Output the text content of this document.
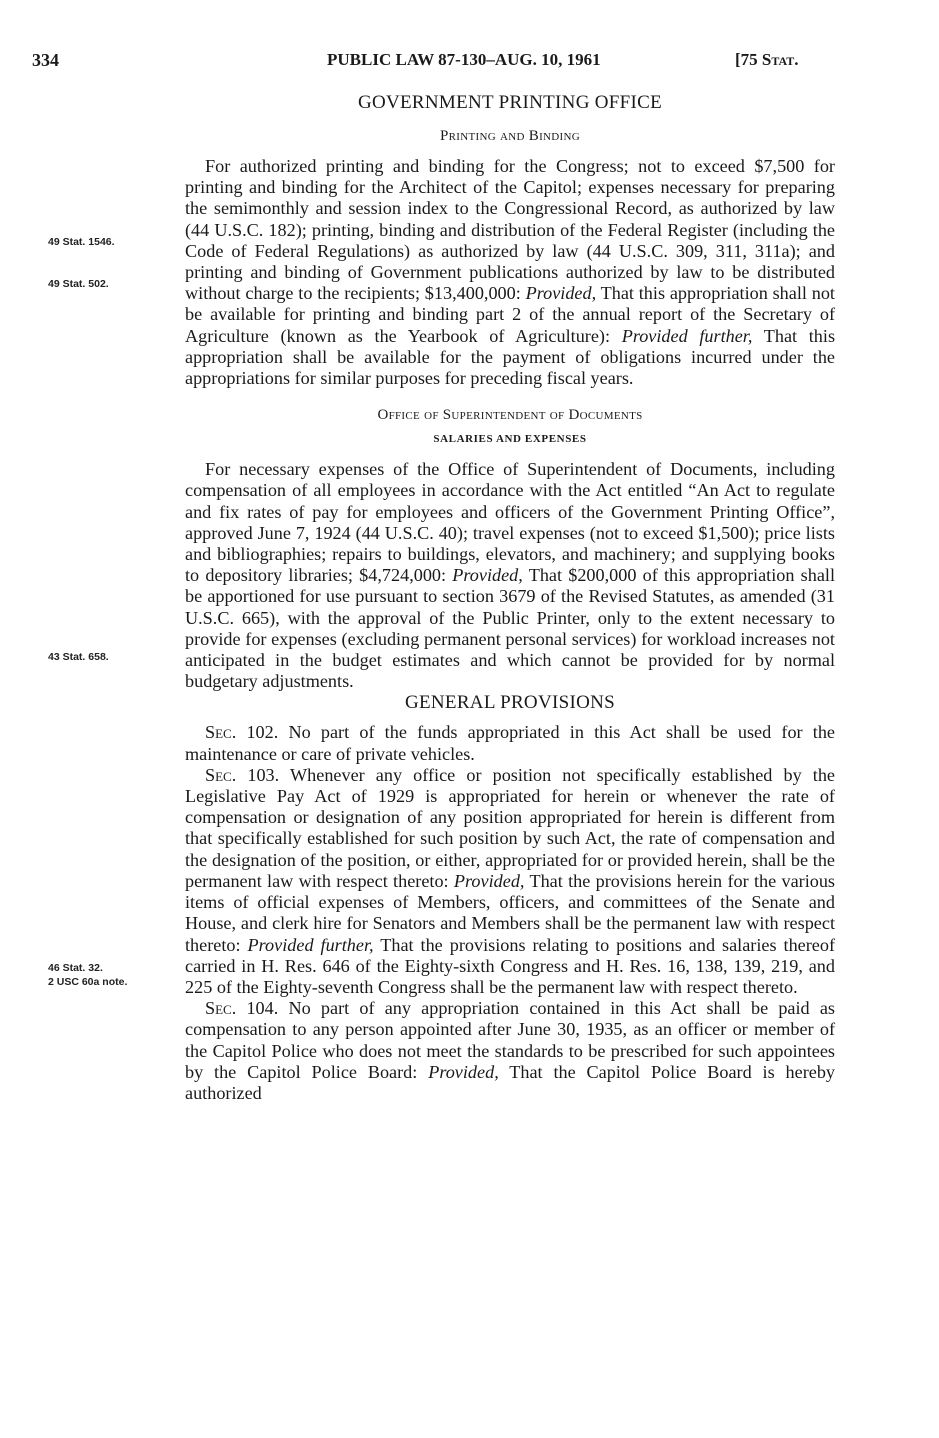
334	PUBLIC LAW 87-130–AUG. 10, 1961	[75 Stat.
49 Stat. 1546.
49 Stat. 502.
43 Stat. 658.
46 Stat. 32.
2 USC 60a note.
GOVERNMENT PRINTING OFFICE
Printing and Binding

For authorized printing and binding for the Congress; not to exceed $7,500 for printing and binding for the Architect of the Capitol; expenses necessary for preparing the semimonthly and session index to the Congressional Record, as authorized by law (44 U.S.C. 182); printing, binding and distribution of the Federal Register (including the Code of Federal Regulations) as authorized by law (44 U.S.C. 309, 311, 311a); and printing and binding of Government publications authorized by law to be distributed without charge to the recipients; $13,400,000: Provided, That this appropriation shall not be available for printing and binding part 2 of the annual report of the Secretary of Agriculture (known as the Yearbook of Agriculture): Provided further, That this appropriation shall be available for the payment of obligations incurred under the appropriations for similar purposes for preceding fiscal years.

Office of Superintendent of Documents
SALARIES AND EXPENSES

For necessary expenses of the Office of Superintendent of Documents, including compensation of all employees in accordance with the Act entitled “An Act to regulate and fix rates of pay for employees and officers of the Government Printing Office”, approved June 7, 1924 (44 U.S.C. 40); travel expenses (not to exceed $1,500); price lists and bibliographies; repairs to buildings, elevators, and machinery; and supplying books to depository libraries; $4,724,000: Provided, That $200,000 of this appropriation shall be apportioned for use pursuant to section 3679 of the Revised Statutes, as amended (31 U.S.C. 665), with the approval of the Public Printer, only to the extent necessary to provide for expenses (excluding permanent personal services) for workload increases not anticipated in the budget estimates and which cannot be provided for by normal budgetary adjustments.

GENERAL PROVISIONS

Sec. 102. No part of the funds appropriated in this Act shall be used for the maintenance or care of private vehicles.

Sec. 103. Whenever any office or position not specifically established by the Legislative Pay Act of 1929 is appropriated for herein or whenever the rate of compensation or designation of any position appropriated for herein is different from that specifically established for such position by such Act, the rate of compensation and the designation of the position, or either, appropriated for or provided herein, shall be the permanent law with respect thereto: Provided, That the provisions herein for the various items of official expenses of Members, officers, and committees of the Senate and House, and clerk hire for Senators and Members shall be the permanent law with respect thereto: Provided further, That the provisions relating to positions and salaries thereof carried in H. Res. 646 of the Eighty-sixth Congress and H. Res. 16, 138, 139, 219, and 225 of the Eighty-seventh Congress shall be the permanent law with respect thereto.

Sec. 104. No part of any appropriation contained in this Act shall be paid as compensation to any person appointed after June 30, 1935, as an officer or member of the Capitol Police who does not meet the standards to be prescribed for such appointees by the Capitol Police Board: Provided, That the Capitol Police Board is hereby authorized
